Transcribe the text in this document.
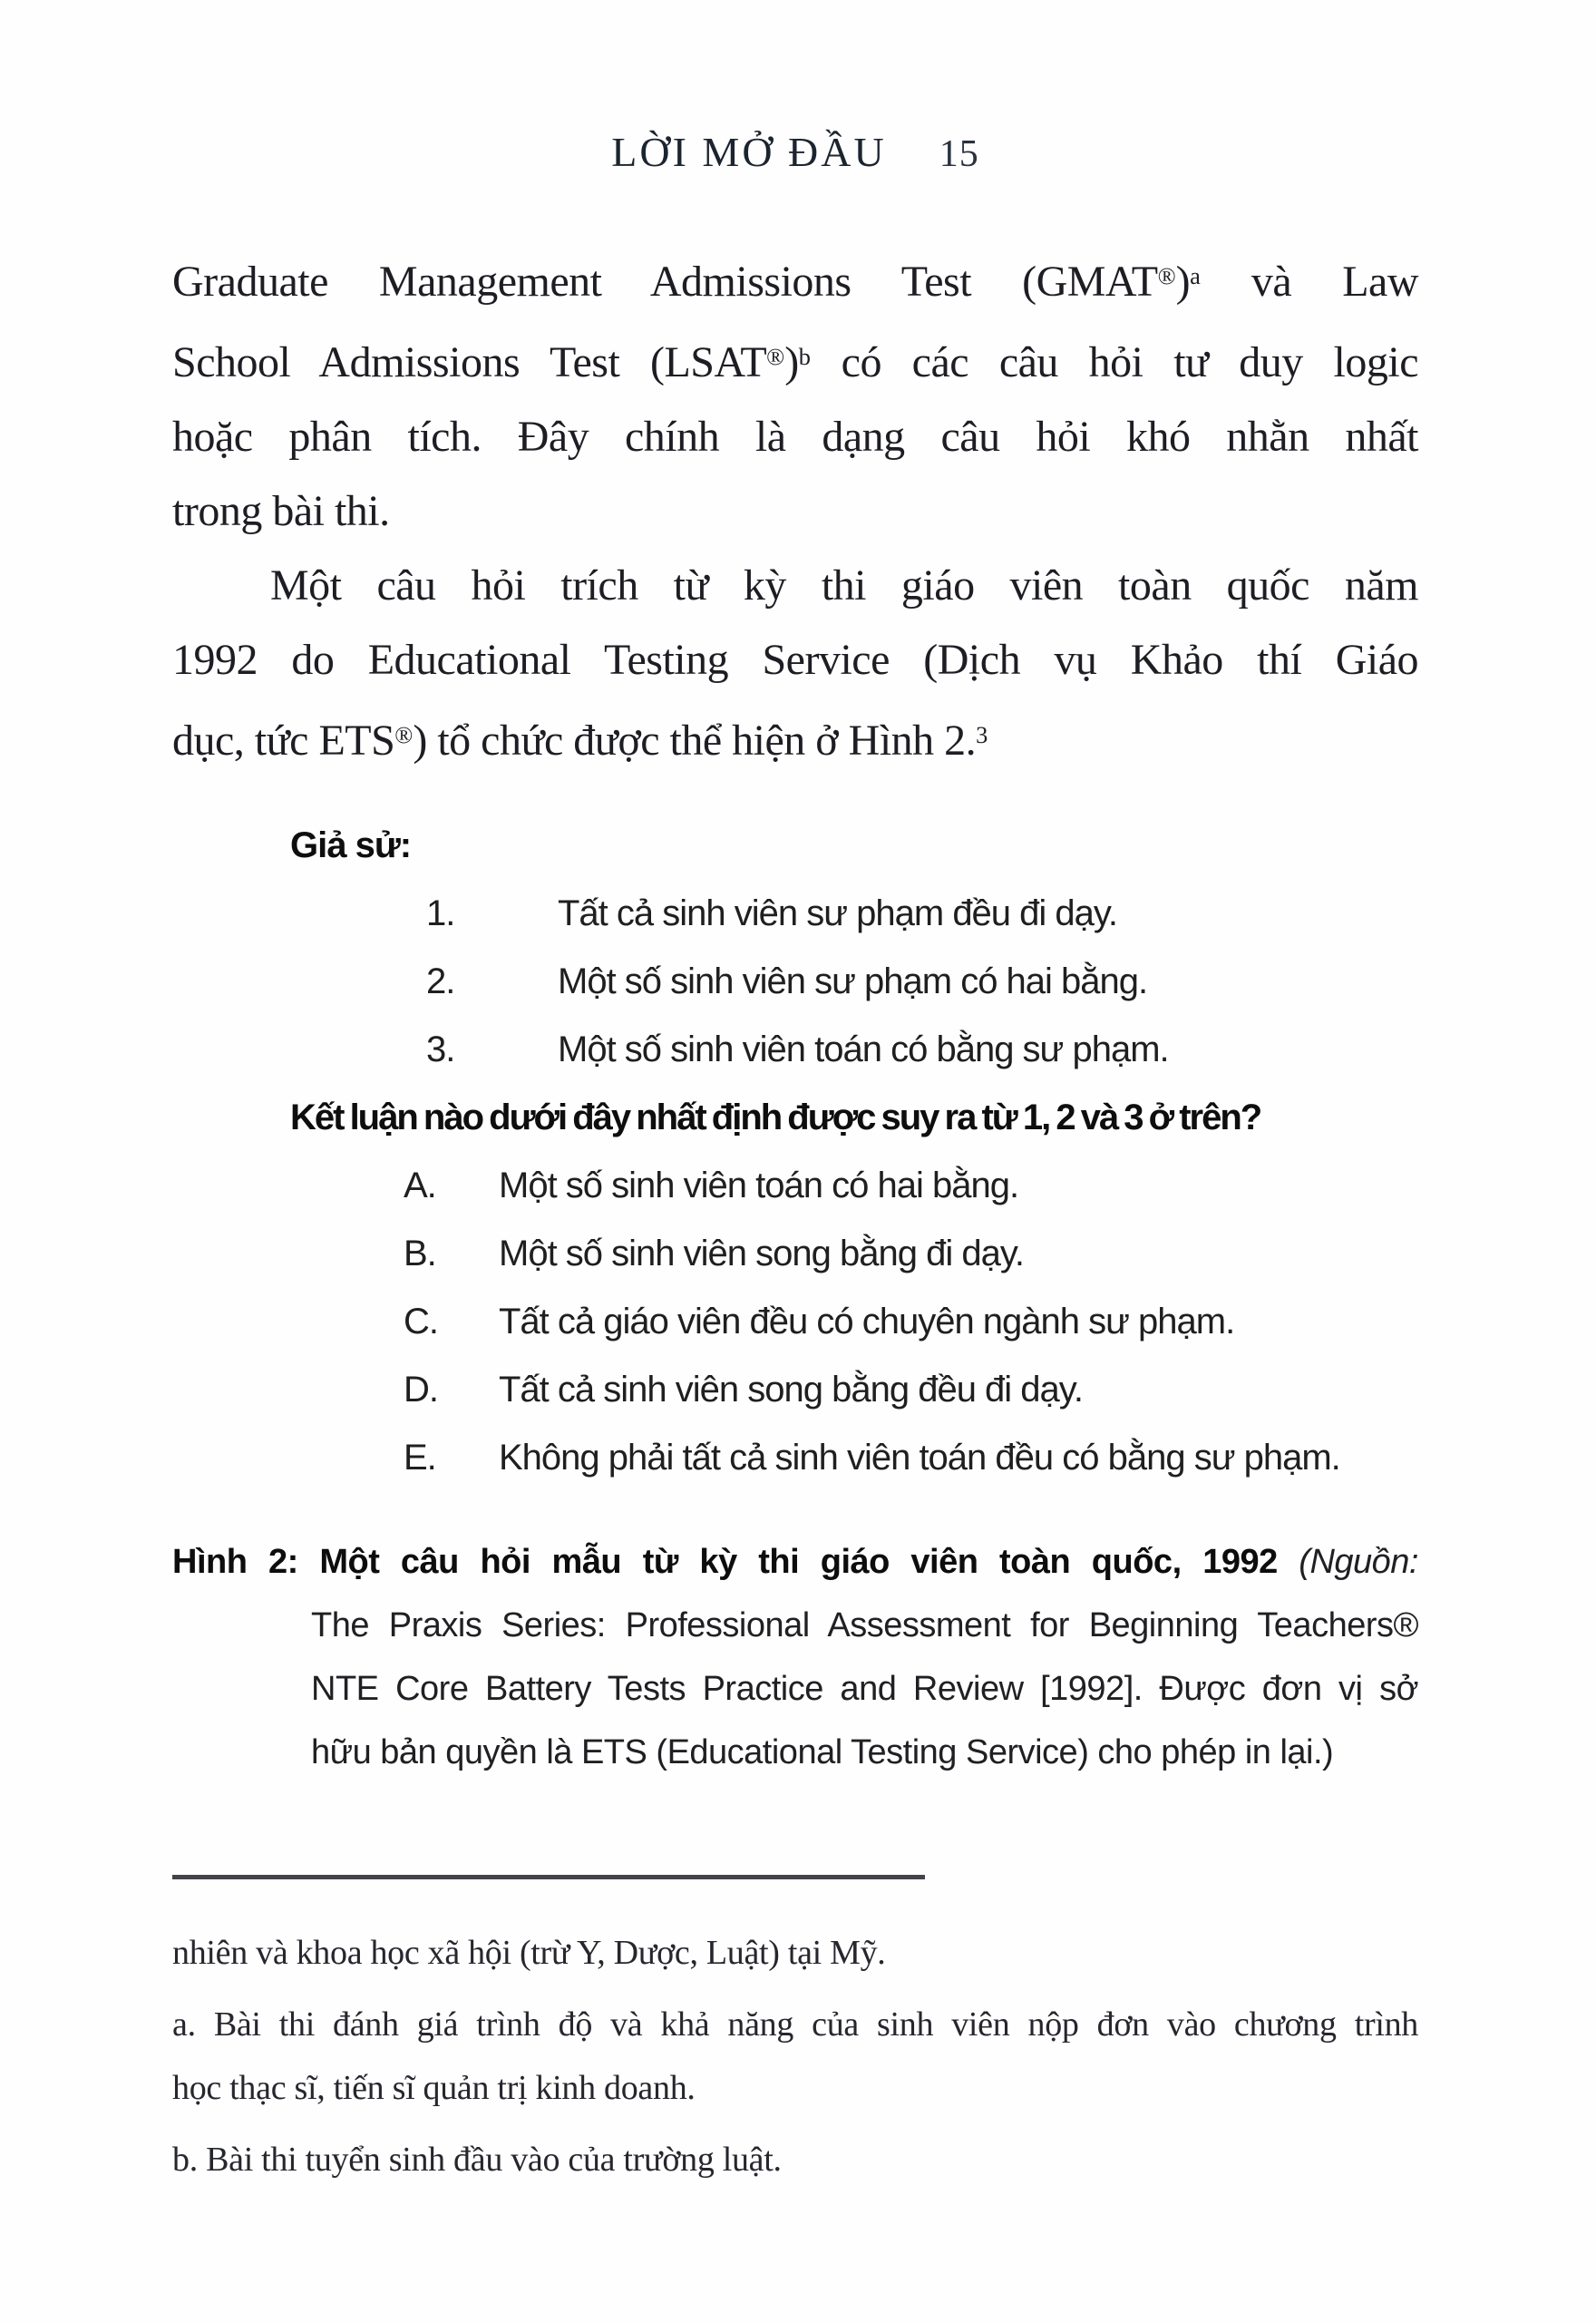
LỜI MỞ ĐẦU 15
Graduate Management Admissions Test (GMAT®)$^a$ và Law
School Admissions Test (LSAT®)$^b$ có các câu hỏi tư duy logic
hoặc phân tích. Đây chính là dạng câu hỏi khó nhằn nhất
trong bài thi.
Một câu hỏi trích từ kỳ thi giáo viên toàn quốc năm
1992 do Educational Testing Service (Dịch vụ Khảo thí Giáo
dục, tức ETS®) tổ chức được thể hiện ở Hình 2.$^3$
Giả sử:
1.	Tất cả sinh viên sư phạm đều đi dạy.
2.	Một số sinh viên sư phạm có hai bằng.
3.	Một số sinh viên toán có bằng sư phạm.
Kết luận nào dưới đây nhất định được suy ra từ 1, 2 và 3 ở trên?
A.	Một số sinh viên toán có hai bằng.
B.	Một số sinh viên song bằng đi dạy.
C.	Tất cả giáo viên đều có chuyên ngành sư phạm.
D.	Tất cả sinh viên song bằng đều đi dạy.
E.	Không phải tất cả sinh viên toán đều có bằng sư phạm.
Hình 2: Một câu hỏi mẫu từ kỳ thi giáo viên toàn quốc, 1992 (Nguồn:
The Praxis Series: Professional Assessment for Beginning Teachers®
NTE Core Battery Tests Practice and Review [1992]. Được đơn vị sở
hữu bản quyền là ETS (Educational Testing Service) cho phép in lại.)
nhiên và khoa học xã hội (trừ Y, Dược, Luật) tại Mỹ.
a. Bài thi đánh giá trình độ và khả năng của sinh viên nộp đơn vào chương trình
học thạc sĩ, tiến sĩ quản trị kinh doanh.
b. Bài thi tuyển sinh đầu vào của trường luật.
